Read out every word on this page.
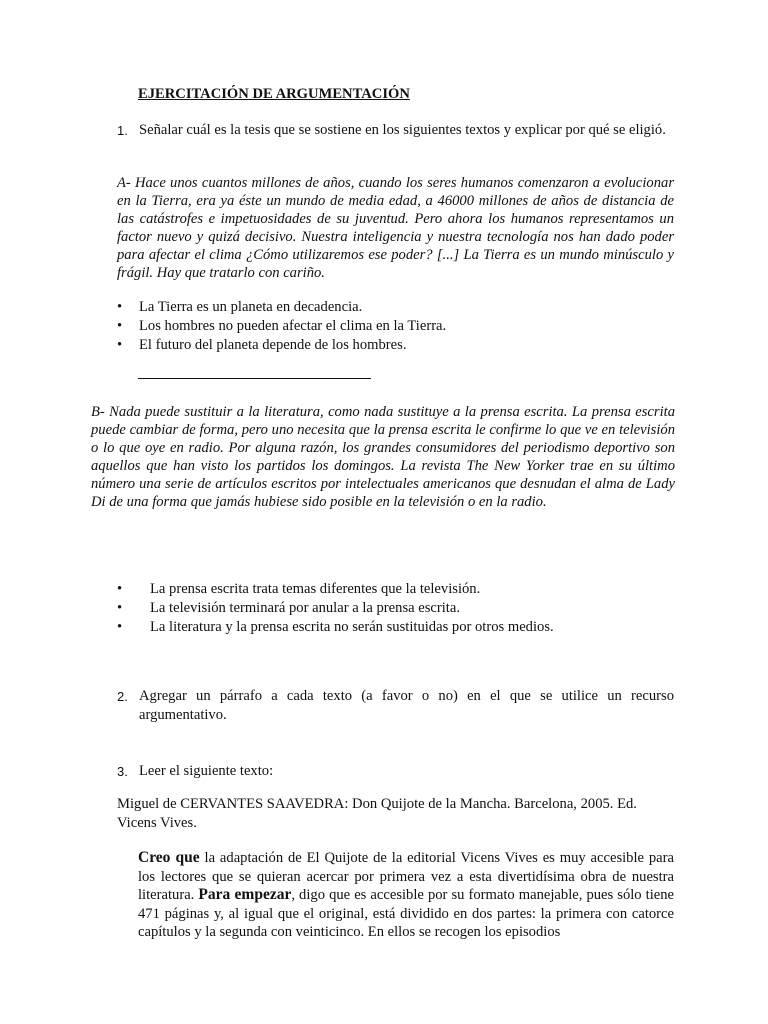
EJERCITACIÓN DE ARGUMENTACIÓN
1. Señalar cuál es la tesis que se sostiene en los siguientes textos y explicar por qué se eligió.
A- Hace unos cuantos millones de años, cuando los seres humanos comenzaron a evolucionar en la Tierra, era ya éste un mundo de media edad, a 46000 millones de años de distancia de las catástrofes e impetuosidades de su juventud. Pero ahora los humanos representamos un factor nuevo y quizá decisivo. Nuestra inteligencia y nuestra tecnología nos han dado poder para afectar el clima ¿Cómo utilizaremos ese poder? [...] La Tierra es un mundo minúsculo y frágil. Hay que tratarlo con cariño.
• La Tierra es un planeta en decadencia.
• Los hombres no pueden afectar el clima en la Tierra.
• El futuro del planeta depende de los hombres.
B- Nada puede sustituir a la literatura, como nada sustituye a la prensa escrita. La prensa escrita puede cambiar de forma, pero uno necesita que la prensa escrita le confirme lo que ve en televisión o lo que oye en radio. Por alguna razón, los grandes consumidores del periodismo deportivo son aquellos que han visto los partidos los domingos. La revista The New Yorker trae en su último número una serie de artículos escritos por intelectuales americanos que desnudan el alma de Lady Di de una forma que jamás hubiese sido posible en la televisión o en la radio.
• La prensa escrita trata temas diferentes que la televisión.
• La televisión terminará por anular a la prensa escrita.
• La literatura y la prensa escrita no serán sustituidas por otros medios.
2. Agregar un párrafo a cada texto (a favor o no) en el que se utilice un recurso argumentativo.
3. Leer el siguiente texto:
Miguel de CERVANTES SAAVEDRA: Don Quijote de la Mancha. Barcelona, 2005. Ed. Vicens Vives.
Creo que la adaptación de El Quijote de la editorial Vicens Vives es muy accesible para los lectores que se quieran acercar por primera vez a esta divertidísima obra de nuestra literatura. Para empezar, digo que es accesible por su formato manejable, pues sólo tiene 471 páginas y, al igual que el original, está dividido en dos partes: la primera con catorce capítulos y la segunda con veinticinco. En ellos se recogen los episodios
